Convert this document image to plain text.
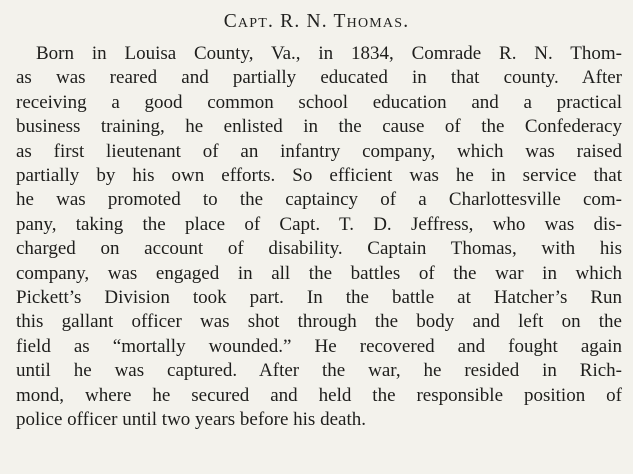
Capt. R. N. Thomas.
Born in Louisa County, Va., in 1834, Comrade R. N. Thom-
as was reared and partially educated in that county. After
receiving a good common school education and a practical
business training, he enlisted in the cause of the Confederacy
as first lieutenant of an infantry company, which was raised
partially by his own efforts. So efficient was he in service that
he was promoted to the captaincy of a Charlottesville com-
pany, taking the place of Capt. T. D. Jeffress, who was dis-
charged on account of disability. Captain Thomas, with his
company, was engaged in all the battles of the war in which
Pickett’s Division took part. In the battle at Hatcher’s Run
this gallant officer was shot through the body and left on the
field as “mortally wounded.” He recovered and fought again
until he was captured. After the war, he resided in Rich-
mond, where he secured and held the responsible position of
police officer until two years before his death.
